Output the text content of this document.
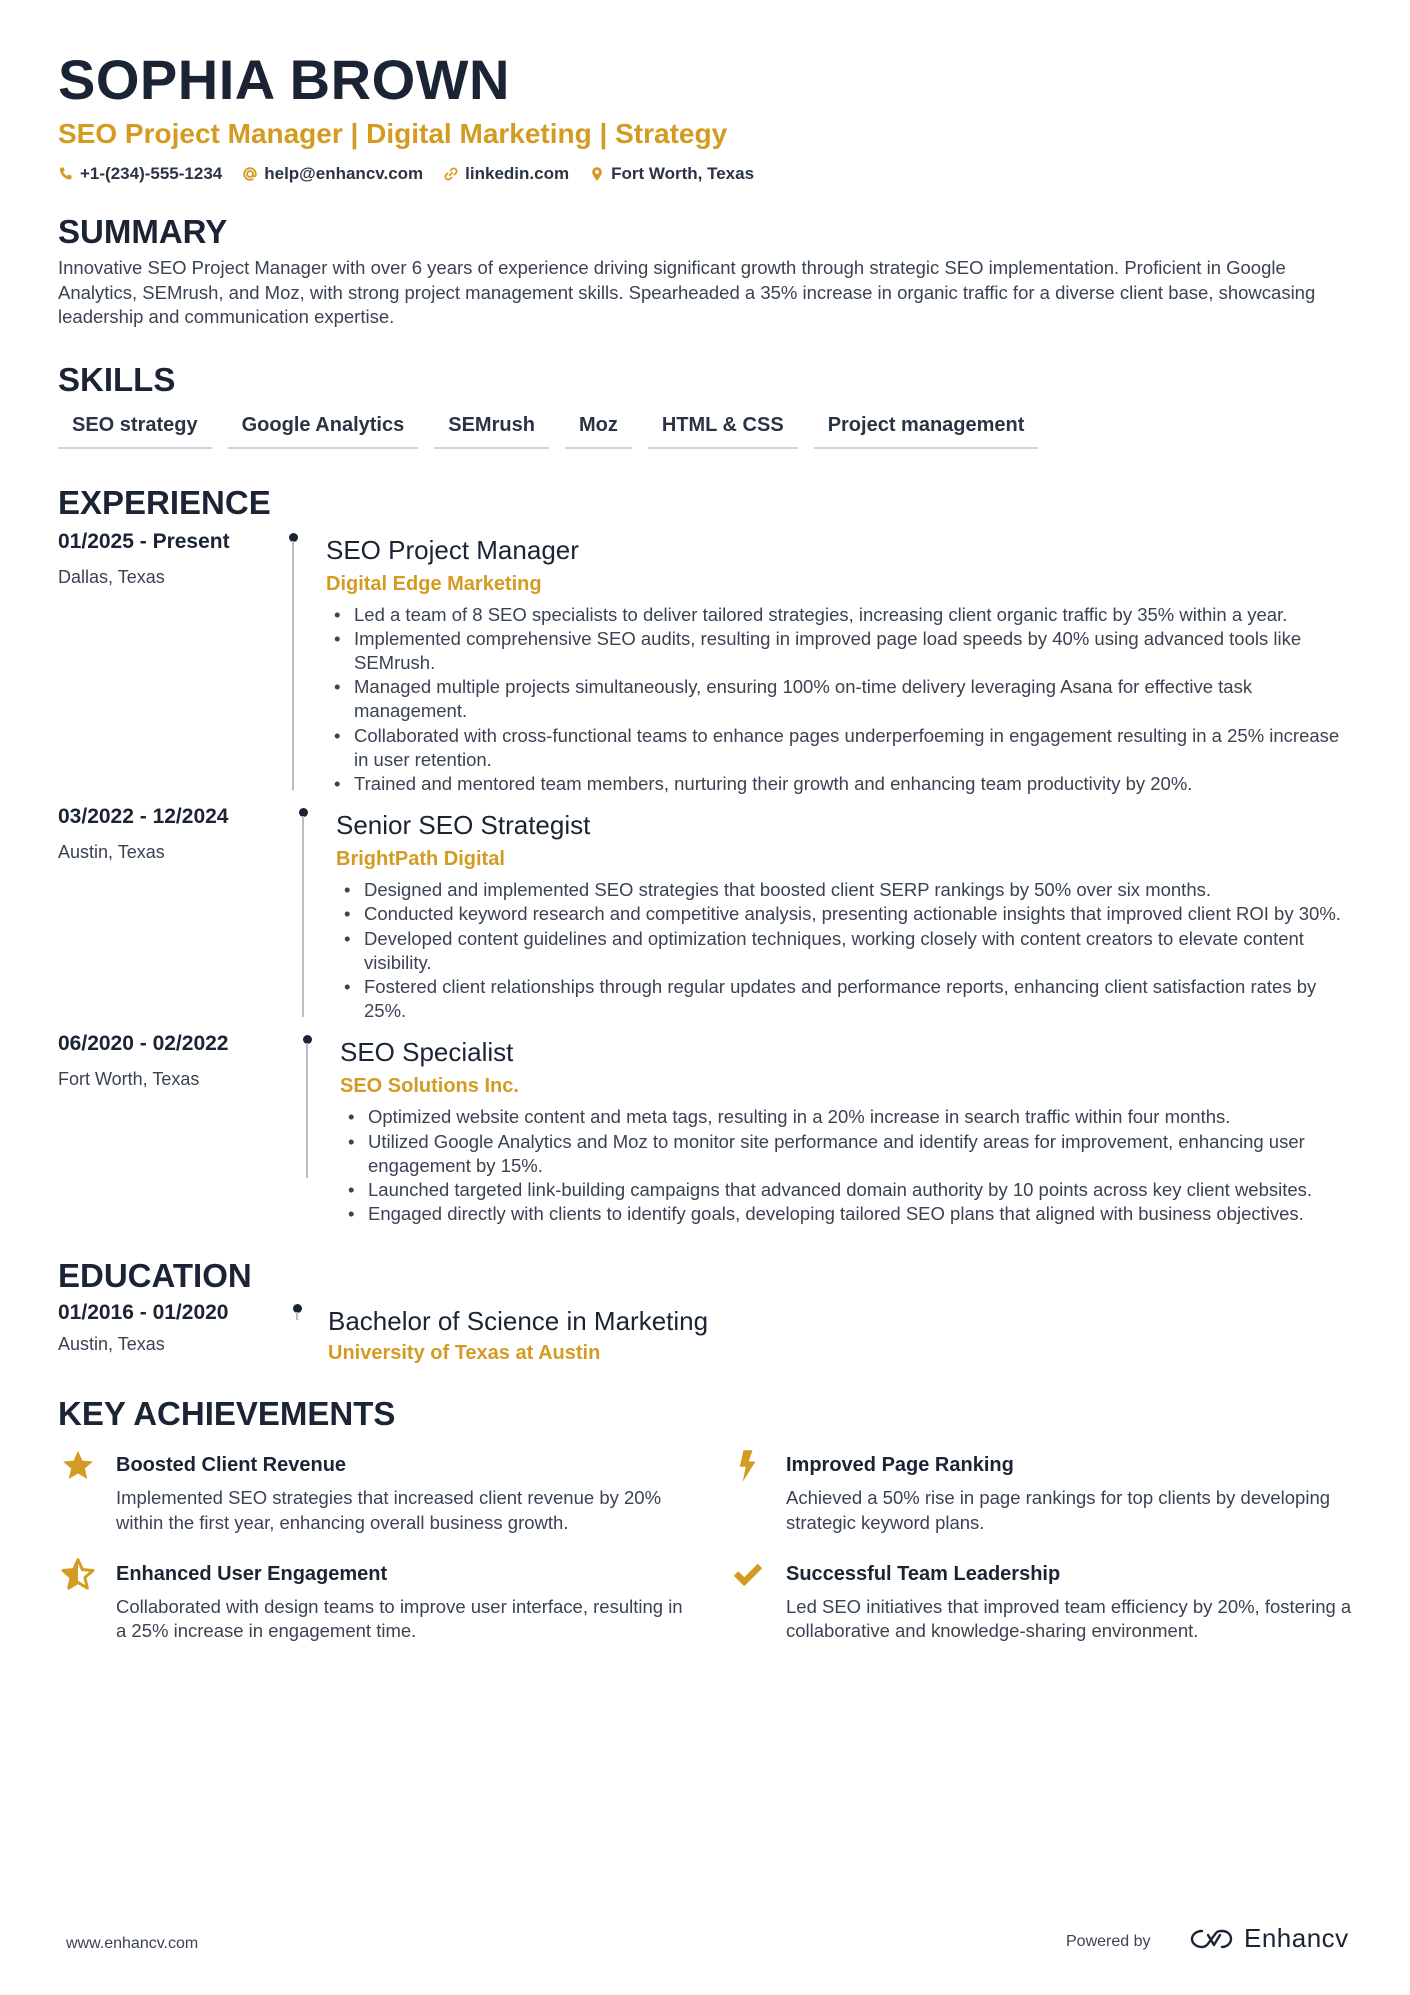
SOPHIA BROWN
SEO Project Manager | Digital Marketing | Strategy
+1-(234)-555-1234 help@enhancv.com linkedin.com Fort Worth, Texas
SUMMARY
Innovative SEO Project Manager with over 6 years of experience driving significant growth through strategic SEO implementation. Proficient in Google Analytics, SEMrush, and Moz, with strong project management skills. Spearheaded a 35% increase in organic traffic for a diverse client base, showcasing leadership and communication expertise.
SKILLS
SEO strategy	Google Analytics	SEMrush	Moz	HTML & CSS	Project management
EXPERIENCE
01/2025 - Present
Dallas, Texas
SEO Project Manager
Digital Edge Marketing
• Led a team of 8 SEO specialists to deliver tailored strategies, increasing client organic traffic by 35% within a year.
• Implemented comprehensive SEO audits, resulting in improved page load speeds by 40% using advanced tools like SEMrush.
• Managed multiple projects simultaneously, ensuring 100% on-time delivery leveraging Asana for effective task management.
• Collaborated with cross-functional teams to enhance pages underperfoeming in engagement resulting in a 25% increase in user retention.
• Trained and mentored team members, nurturing their growth and enhancing team productivity by 20%.
03/2022 - 12/2024
Austin, Texas
Senior SEO Strategist
BrightPath Digital
• Designed and implemented SEO strategies that boosted client SERP rankings by 50% over six months.
• Conducted keyword research and competitive analysis, presenting actionable insights that improved client ROI by 30%.
• Developed content guidelines and optimization techniques, working closely with content creators to elevate content visibility.
• Fostered client relationships through regular updates and performance reports, enhancing client satisfaction rates by 25%.
06/2020 - 02/2022
Fort Worth, Texas
SEO Specialist
SEO Solutions Inc.
• Optimized website content and meta tags, resulting in a 20% increase in search traffic within four months.
• Utilized Google Analytics and Moz to monitor site performance and identify areas for improvement, enhancing user engagement by 15%.
• Launched targeted link-building campaigns that advanced domain authority by 10 points across key client websites.
• Engaged directly with clients to identify goals, developing tailored SEO plans that aligned with business objectives.
EDUCATION
01/2016 - 01/2020
Austin, Texas
Bachelor of Science in Marketing
University of Texas at Austin
KEY ACHIEVEMENTS
Boosted Client Revenue
Implemented SEO strategies that increased client revenue by 20% within the first year, enhancing overall business growth.
Improved Page Ranking
Achieved a 50% rise in page rankings for top clients by developing strategic keyword plans.
Enhanced User Engagement
Collaborated with design teams to improve user interface, resulting in a 25% increase in engagement time.
Successful Team Leadership
Led SEO initiatives that improved team efficiency by 20%, fostering a collaborative and knowledge-sharing environment.
www.enhancv.com	Powered by	Enhancv
